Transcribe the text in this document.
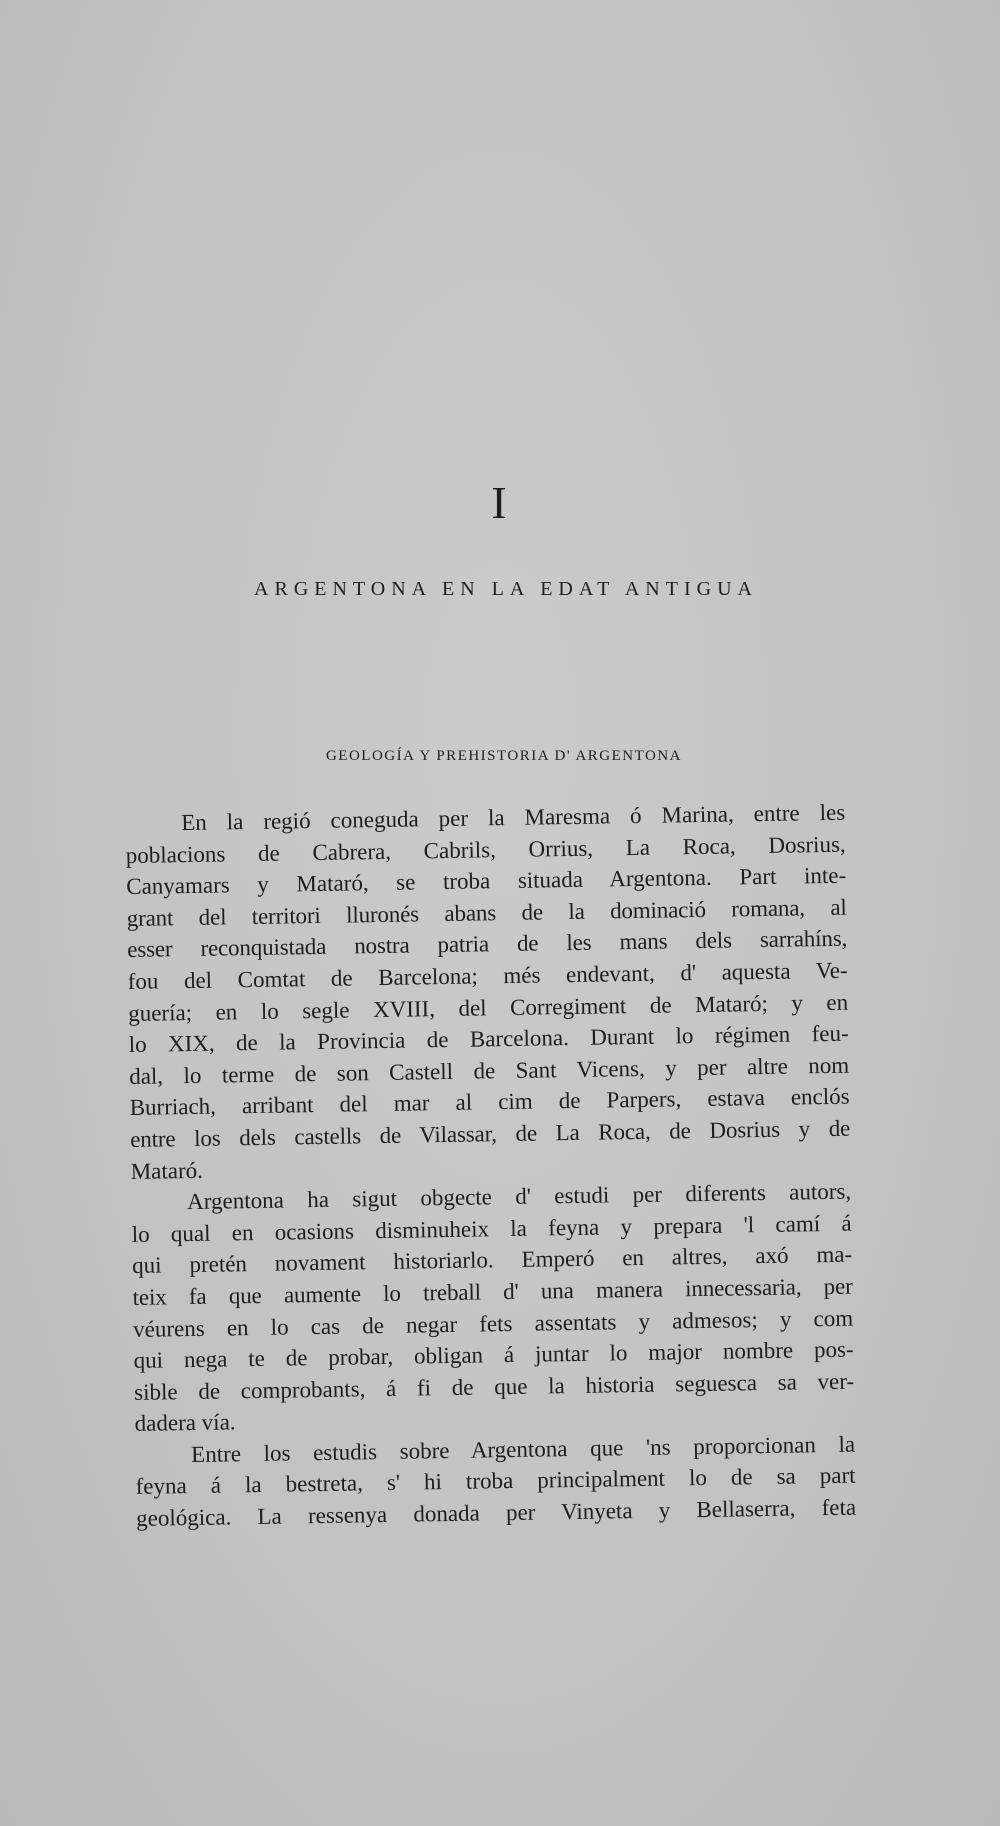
I
ARGENTONA EN LA EDAT ANTIGUA
GEOLOGÍA Y PREHISTORIA D' ARGENTONA
En la regió coneguda per la Maresma ó Marina, entre les
poblacions de Cabrera, Cabrils, Orrius, La Roca, Dosrius,
Canyamars y Mataró, se troba situada Argentona. Part inte-
grant del territori lluronés abans de la dominació romana, al
esser reconquistada nostra patria de les mans dels sarrahíns,
fou del Comtat de Barcelona; més endevant, d' aquesta Ve-
guería; en lo segle XVIII, del Corregiment de Mataró; y en
lo XIX, de la Provincia de Barcelona. Durant lo régimen feu-
dal, lo terme de son Castell de Sant Vicens, y per altre nom
Burriach, arribant del mar al cim de Parpers, estava enclós
entre los dels castells de Vilassar, de La Roca, de Dosrius y de
Mataró.
Argentona ha sigut obgecte d' estudi per diferents autors,
lo qual en ocasions disminuheix la feyna y prepara 'l camí á
qui pretén novament historiarlo. Emperó en altres, axó ma-
teix fa que aumente lo treball d' una manera innecessaria, per
véurens en lo cas de negar fets assentats y admesos; y com
qui nega te de probar, obligan á juntar lo major nombre pos-
sible de comprobants, á fi de que la historia seguesca sa ver-
dadera vía.
Entre los estudis sobre Argentona que 'ns proporcionan la
feyna á la bestreta, s' hi troba principalment lo de sa part
geológica. La ressenya donada per Vinyeta y Bellaserra, feta
